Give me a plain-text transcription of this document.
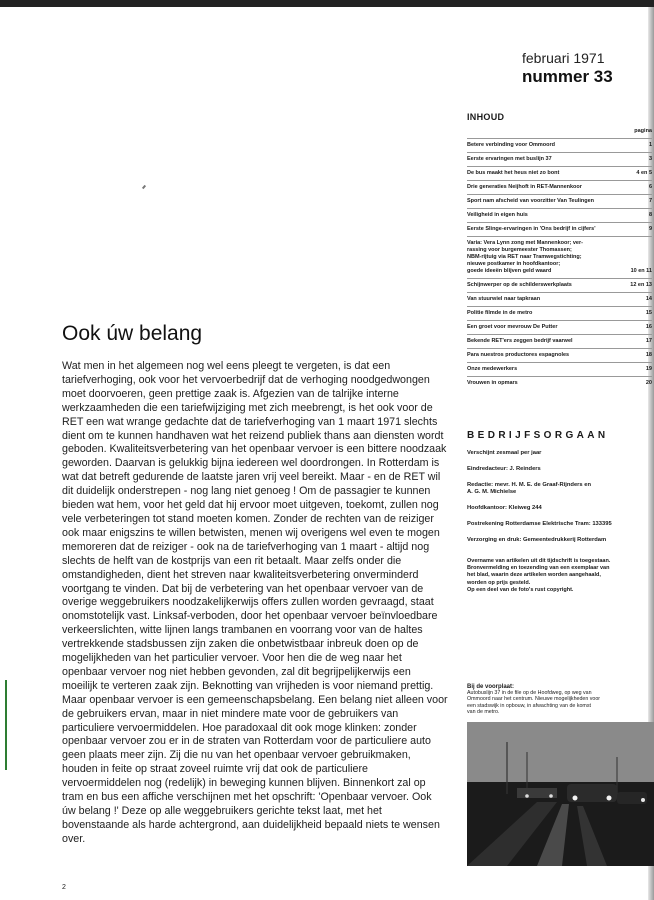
februari 1971
nummer 33
INHOUD
pagina
Betere verbinding voor Ommoord	1
Eerste ervaringen met buslijn 37	3
De bus maakt het heus niet zo bont	4 en 5
Drie generaties Neijhoft in RET-Mannenkoor	6
Sport nam afscheid van voorzitter Van Teulingen	7
Veiligheid in eigen huis	8
Eerste Slinge-ervaringen in 'Ons bedrijf in cijfers'	9
Varia: Vera Lynn zong met Mannenkoor; ver-
rassing voor burgemeester Thomassen;
NBM-rijtuig via RET naar Tramwegstichting;
nieuwe postkamer in hoofdkantoor;
goede ideeën blijven geld waard	10 en 11
Schijnwerper op de schilderswerkplaats	12 en 13
Van stuurwiel naar tapkraan	14
Politie filmde in de metro	15
Een groet voor mevrouw De Putter	16
Bekende RET'ers zeggen bedrijf vaarwel	17
Para nuestros productores espagnoles	18
Onze medewerkers	19
Vrouwen in opmars	20
BEDRIJFSORGAAN
Verschijnt zesmaal per jaar
Eindredacteur: J. Reinders
Redactie: mevr. H. M. E. de Graaf-Rijnders en
A. G. M. Michielse
Hoofdkantoor: Kleiweg 244
Postrekening Rotterdamse Elektrische Tram: 133395
Verzorging en druk: Gemeentedrukkerij Rotterdam
Overname van artikelen uit dit tijdschrift is toegestaan.
Bronvermelding en toezending van een exemplaar van
het blad, waarin deze artikelen worden aangehaald,
worden op prijs gesteld.
Op een deel van de foto's rust copyright.
Bij de voorplaat:
Autobuslijn 37 in de file op de Hoofdweg, op weg van
Ommoord naar het centrum. Nieuwe mogelijkheden voor
een stadswijk in opbouw, in afwachting van de komst
van de metro.
Ook úw belang

Wat men in het algemeen nog wel eens pleegt te vergeten, is dat een tariefverhoging, ook voor het vervoerbedrijf dat de verhoging noodgedwongen moet doorvoeren, geen prettige zaak is. Afgezien van de talrijke interne werkzaamheden die een tariefwijziging met zich meebrengt, is het ook voor de RET een wat wrange gedachte dat de tariefverhoging van 1 maart 1971 slechts dient om te kunnen handhaven wat het reizend publiek thans aan diensten wordt geboden. Kwaliteitsverbetering van het openbaar vervoer is een bittere noodzaak geworden. Daarvan is gelukkig bijna iedereen wel doordrongen. In Rotterdam is wat dat betreft gedurende de laatste jaren vrij veel bereikt. Maar - en de RET wil dit duidelijk onderstrepen - nog lang niet genoeg ! Om de passagier te kunnen bieden wat hem, voor het geld dat hij ervoor moet uitgeven, toekomt, zullen nog vele verbeteringen tot stand moeten komen. Zonder de rechten van de reiziger ook maar enigszins te willen betwisten, menen wij overigens wel even te mogen memoreren dat de reiziger - ook na de tariefverhoging van 1 maart - altijd nog slechts de helft van de kostprijs van een rit betaalt. Maar zelfs onder die omstandigheden, dient het streven naar kwaliteitsverbetering onverminderd voortgang te vinden. Dat bij de verbetering van het openbaar vervoer van de overige weggebruikers noodzakelijkerwijs offers zullen worden gevraagd, staat onomstotelijk vast. Linksaf-verboden, door het openbaar vervoer beïnvloedbare verkeerslichten, witte lijnen langs trambanen en voorrang voor van de haltes vertrekkende stadsbussen zijn zaken die onbetwistbaar inbreuk doen op de mogelijkheden van het particulier vervoer. Voor hen die de weg naar het openbaar vervoer nog niet hebben gevonden, zal dit begrijpelijkerwijs een moeilijk te verteren zaak zijn. Beknotting van vrijheden is voor niemand prettig. Maar openbaar vervoer is een gemeenschapsbelang. Een belang niet alleen voor de gebruikers ervan, maar in niet mindere mate voor de gebruikers van particuliere vervoermiddelen. Hoe paradoxaal dit ook moge klinken: zonder openbaar vervoer zou er in de straten van Rotterdam voor de particuliere auto geen plaats meer zijn. Zij die nu van het openbaar vervoer gebruikmaken, houden in feite op straat zoveel ruimte vrij dat ook de particuliere vervoermiddelen nog (redelijk) in beweging kunnen blijven. Binnenkort zal op tram en bus een affiche verschijnen met het opschrift: 'Openbaar vervoer. Ook úw belang !' Deze op alle weggebruikers gerichte tekst laat, met het bovenstaande als harde achtergrond, aan duidelijkheid bepaald niets te wensen over.

2
